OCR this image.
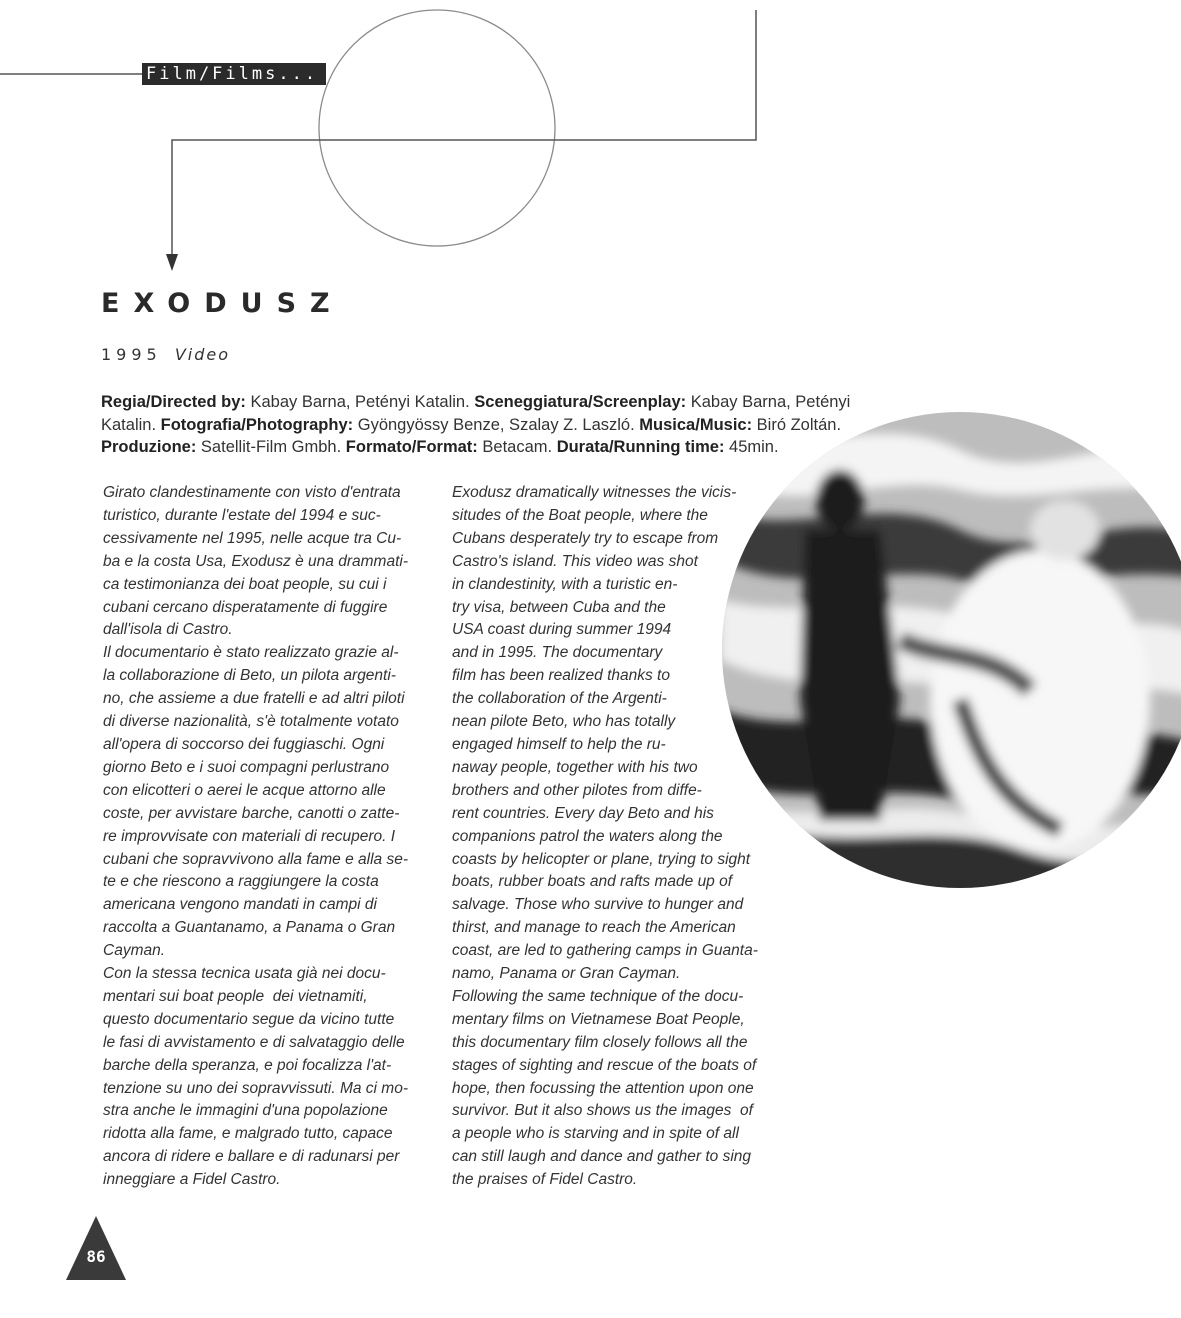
Film/Films...
EXODUSZ
1995 Video
Regia/Directed by: Kabay Barna, Petényi Katalin. Sceneggiatura/Screenplay: Kabay Barna, Petényi Katalin. Fotografia/Photography: Gyöngyössy Benze, Szalay Z. Laszló. Musica/Music: Biró Zoltán.
Produzione: Satellit-Film Gmbh. Formato/Format: Betacam. Durata/Running time: 45min.

Girato clandestinamente con visto d'entrata
turistico, durante l'estate del 1994 e suc-
cessivamente nel 1995, nelle acque tra Cu-
ba e la costa Usa, Exodusz è una drammati-
ca testimonianza dei boat people, su cui i
cubani cercano disperatamente di fuggire
dall'isola di Castro.
Il documentario è stato realizzato grazie al-
la collaborazione di Beto, un pilota argenti-
no, che assieme a due fratelli e ad altri piloti
di diverse nazionalità, s'è totalmente votato
all'opera di soccorso dei fuggiaschi. Ogni
giorno Beto e i suoi compagni perlustrano
con elicotteri o aerei le acque attorno alle
coste, per avvistare barche, canotti o zatte-
re improvvisate con materiali di recupero. I
cubani che sopravvivono alla fame e alla se-
te e che riescono a raggiungere la costa
americana vengono mandati in campi di
raccolta a Guantanamo, a Panama o Gran
Cayman.
Con la stessa tecnica usata già nei docu-
mentari sui boat people  dei vietnamiti,
questo documentario segue da vicino tutte
le fasi di avvistamento e di salvataggio delle
barche della speranza, e poi focalizza l'at-
tenzione su uno dei sopravvissuti. Ma ci mo-
stra anche le immagini d'una popolazione
ridotta alla fame, e malgrado tutto, capace
ancora di ridere e ballare e di radunarsi per
inneggiare a Fidel Castro.

Exodusz dramatically witnesses the vicis-
situdes of the Boat people, where the
Cubans desperately try to escape from
Castro's island. This video was shot
in clandestinity, with a turistic en-
try visa, between Cuba and the
USA coast during summer 1994
and in 1995. The documentary
film has been realized thanks to
the collaboration of the Argenti-
nean pilote Beto, who has totally
engaged himself to help the ru-
naway people, together with his two
brothers and other pilotes from diffe-
rent countries. Every day Beto and his
companions patrol the waters along the
coasts by helicopter or plane, trying to sight
boats, rubber boats and rafts made up of
salvage. Those who survive to hunger and
thirst, and manage to reach the American
coast, are led to gathering camps in Guanta-
namo, Panama or Gran Cayman.
Following the same technique of the docu-
mentary films on Vietnamese Boat People,
this documentary film closely follows all the
stages of sighting and rescue of the boats of
hope, then focussing the attention upon one
survivor. But it also shows us the images  of
a people who is starving and in spite of all
can still laugh and dance and gather to sing
the praises of Fidel Castro.

86
